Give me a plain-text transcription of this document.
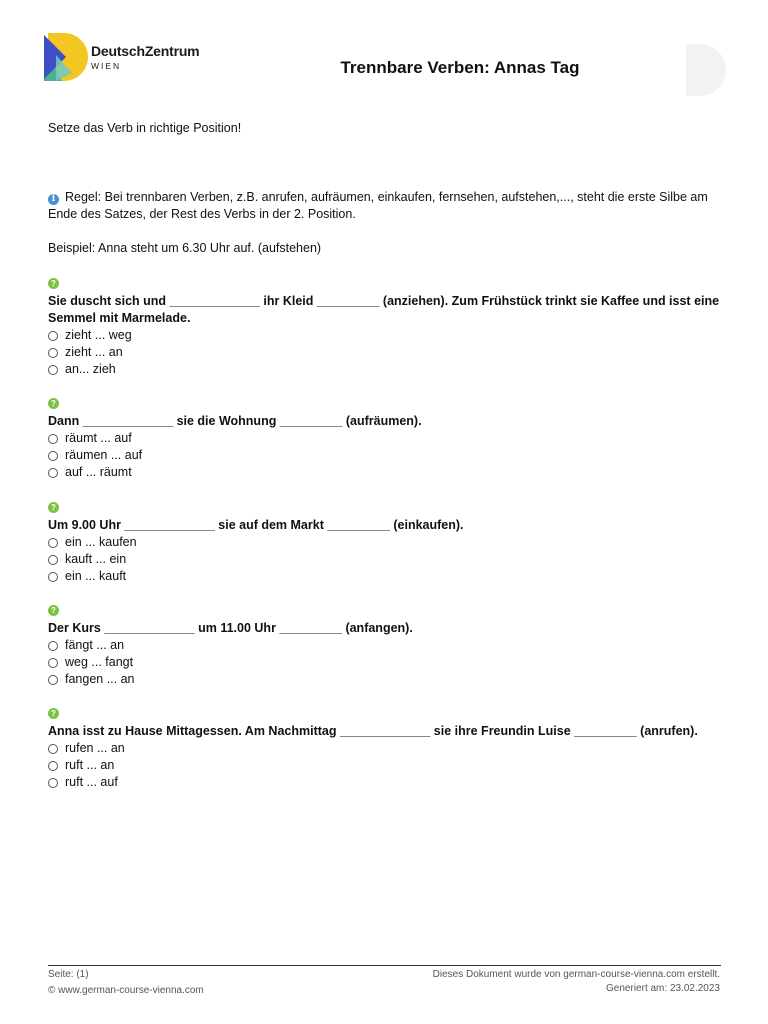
DeutschZentrum
WIEN	Trennbare Verben: Annas Tag
Setze das Verb in richtige Position!
i Regel: Bei trennbaren Verben, z.B. anrufen, aufräumen, einkaufen, fernsehen, aufstehen,..., steht die erste Silbe am Ende des Satzes, der Rest des Verbs in der 2. Position.
Beispiel: Anna steht um 6.30 Uhr auf. (aufstehen)
?
Sie duscht sich und _____________ ihr Kleid _________ (anziehen). Zum Frühstück trinkt sie Kaffee und isst eine Semmel mit Marmelade.
zieht ... weg
zieht ... an
an... zieh
?
Dann _____________ sie die Wohnung _________ (aufräumen).
räumt ... auf
räumen ... auf
auf ... räumt
?
Um 9.00 Uhr _____________ sie auf dem Markt _________ (einkaufen).
ein ... kaufen
kauft ... ein
ein ... kauft
?
Der Kurs _____________ um 11.00 Uhr _________ (anfangen).
fängt ... an
weg ... fangt
fangen ... an
?
Anna isst zu Hause Mittagessen. Am Nachmittag _____________ sie ihre Freundin Luise _________ (anrufen).
rufen ... an
ruft ... an
ruft ... auf
Seite: (1)
© www.german-course-vienna.com
Dieses Dokument wurde von german-course-vienna.com erstellt.
Generiert am: 23.02.2023
